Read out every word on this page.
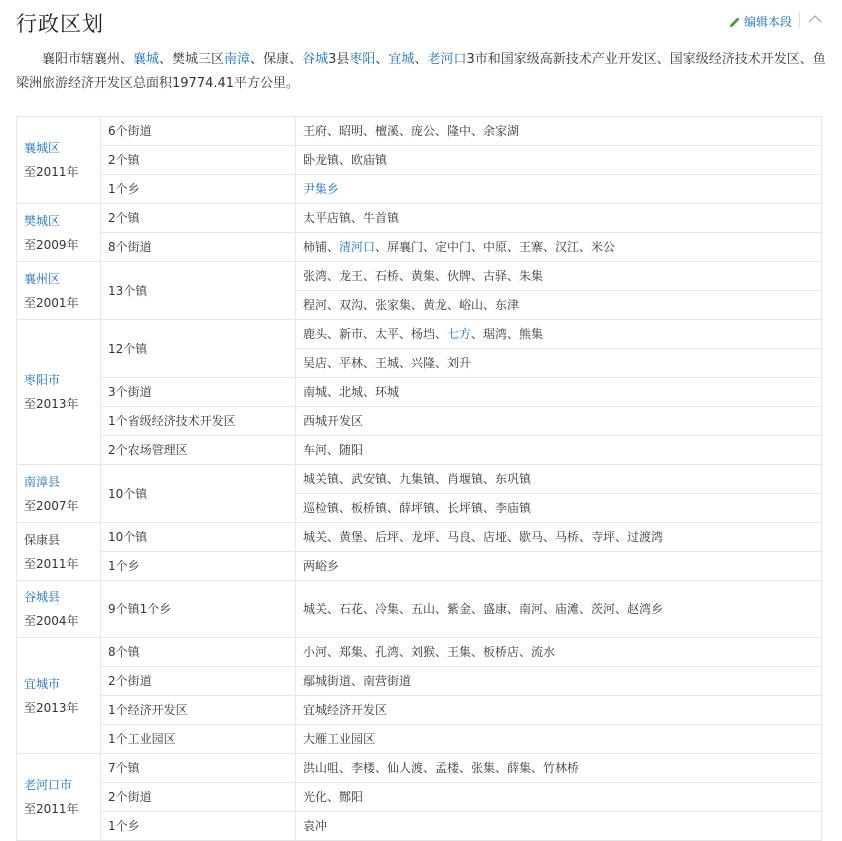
行政区划	编辑本段
襄阳市辖襄州、襄城、樊城三区南漳、保康、谷城3县枣阳、宜城、老河口3市和国家级高新技术产业开发区、国家级经济技术开发区、鱼梁洲旅游经济开发区总面积19774.41平方公里。
襄城区
至2011年	6个街道	王府、昭明、檀溪、庞公、隆中、余家湖
	2个镇	卧龙镇、欧庙镇
	1个乡	尹集乡

樊城区
至2009年	2个镇	太平店镇、牛首镇
	8个街道	柿铺、清河口、屏襄门、定中门、中原、王寨、汉江、米公

襄州区
至2001年	13个镇	张湾、龙王、石桥、黄集、伙牌、古驿、朱集
		程河、双沟、张家集、黄龙、峪山、东津

枣阳市
至2013年	12个镇	鹿头、新市、太平、杨垱、七方、琚湾、熊集
		吴店、平林、王城、兴隆、刘升
	3个街道	南城、北城、环城
	1个省级经济技术开发区	西城开发区
	2个农场管理区	车河、随阳

南漳县
至2007年	10个镇	城关镇、武安镇、九集镇、肖堰镇、东巩镇
		巡检镇、板桥镇、薛坪镇、长坪镇、李庙镇

保康县
至2011年	10个镇	城关、黄堡、后坪、龙坪、马良、店垭、歇马、马桥、寺坪、过渡湾
	1个乡	两峪乡

谷城县
至2004年	9个镇1个乡	城关、石花、冷集、五山、紫金、盛康、南河、庙滩、茨河、赵湾乡

宜城市
至2013年	8个镇	小河、郑集、孔湾、刘猴、王集、板桥店、流水
	2个街道	鄢城街道、南营街道
	1个经济开发区	宜城经济开发区
	1个工业园区	大雁工业园区

老河口市
至2011年	7个镇	洪山咀、李楼、仙人渡、孟楼、张集、薛集、竹林桥
	2个街道	光化、酂阳
	1个乡	袁冲
